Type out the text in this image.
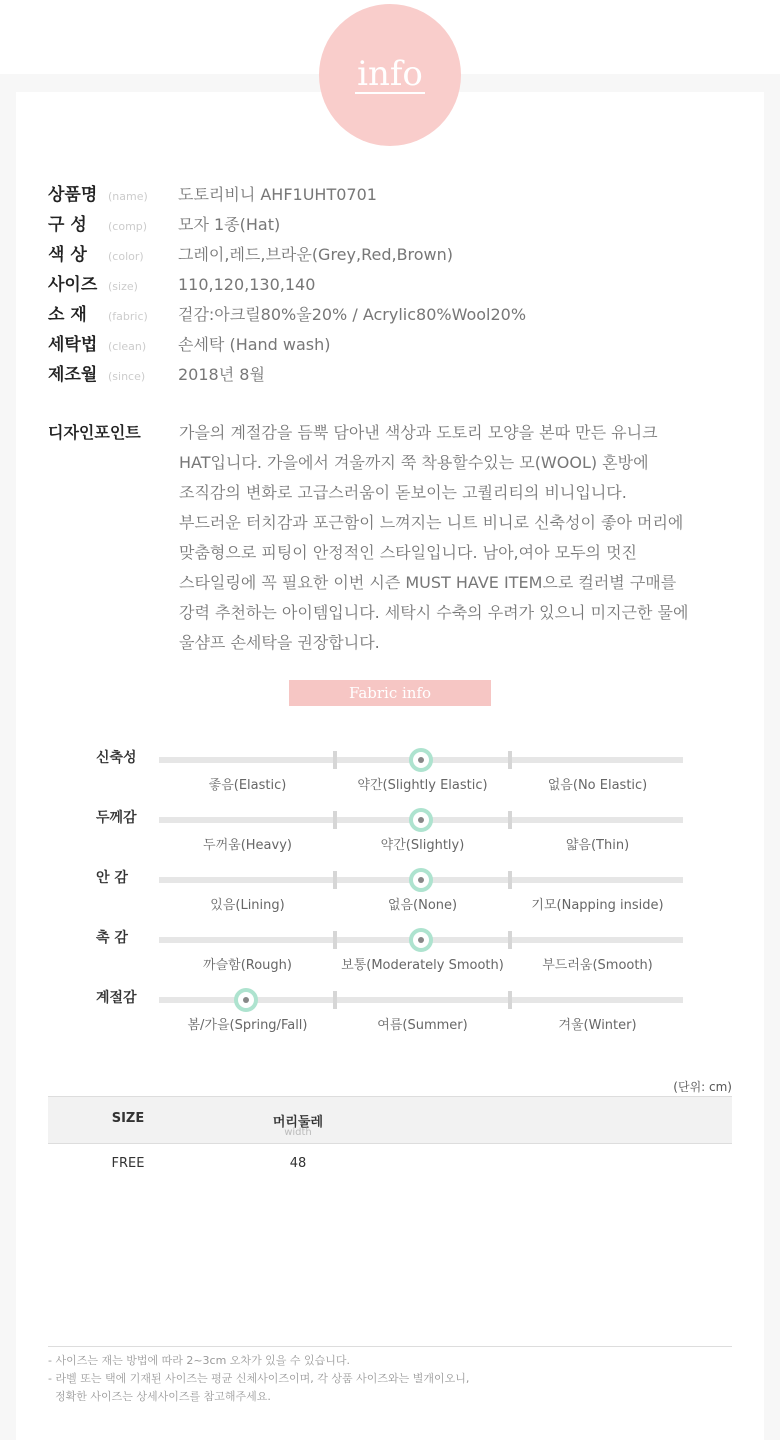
info
상품명 (name)	도토리비니 AHF1UHT0701
구 성	(comp)	모자 1종(Hat)
색 상	(color)	그레이,레드,브라운(Grey,Red,Brown)
사이즈 (size)	110,120,130,140
소 재	(fabric)	겉감:아크릴80%울20% / Acrylic80%Wool20%
세탁법 (clean)	손세탁 (Hand wash)
제조월 (since)	2018년 8월
디자인포인트 가을의 계절감을 듬뿍 담아낸 색상과 도토리 모양을 본따 만든 유니크
HAT입니다. 가을에서 겨울까지 쭉 착용할수있는 모(WOOL) 혼방에
조직감의 변화로 고급스러움이 돋보이는 고퀄리티의 비니입니다.
부드러운 터치감과 포근함이 느껴지는 니트 비니로 신축성이 좋아 머리에
맞춤형으로 피팅이 안정적인 스타일입니다. 남아,여아 모두의 멋진
스타일링에 꼭 필요한 이번 시즌 MUST HAVE ITEM으로 컬러별 구매를
강력 추천하는 아이템입니다. 세탁시 수축의 우려가 있으니 미지근한 물에
울샴프 손세탁을 권장합니다.
Fabric info
신축성
좋음(Elastic)	약간(Slightly Elastic)	없음(No Elastic)
두께감
두꺼움(Heavy)	약간(Slightly)	얇음(Thin)
안 감
있음(Lining)	없음(None)	기모(Napping inside)
촉 감
까슬함(Rough)	보통(Moderately Smooth)	부드러움(Smooth)
계절감
봄/가을(Spring/Fall)	여름(Summer)	겨울(Winter)
(단위: cm)
SIZE	머리둘레
width
FREE	48
- 사이즈는 재는 방법에 따라 2~3cm 오차가 있을 수 있습니다.
- 라벨 또는 택에 기재된 사이즈는 평균 신체사이즈이며, 각 상품 사이즈와는 별개이오니,
정확한 사이즈는 상세사이즈를 참고해주세요.
